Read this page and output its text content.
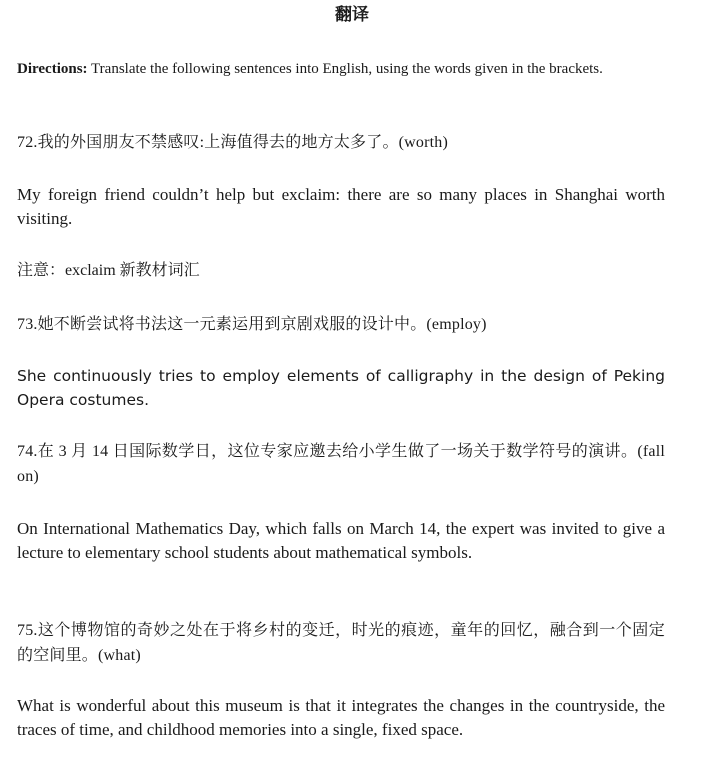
翻译
Directions: Translate the following sentences into English, using the words given in the brackets.
72.我的外国朋友不禁感叹:上海值得去的地方太多了。(worth)
My foreign friend couldn’t help but exclaim: there are so many places in Shanghai worth visiting.
注意：exclaim 新教材词汇
73.她不断尝试将书法这一元素运用到京剧戏服的设计中。(employ)
She continuously tries to employ elements of calligraphy in the design of Peking Opera costumes.
74.在 3 月 14 日国际数学日，这位专家应邀去给小学生做了一场关于数学符号的演讲。(fall on)
On International Mathematics Day, which falls on March 14, the expert was invited to give a lecture to elementary school students about mathematical symbols.
75.这个博物馆的奇妙之处在于将乡村的变迁，时光的痕迹，童年的回忆，融合到一个固定的空间里。(what)
What is wonderful about this museum is that it integrates the changes in the countryside, the traces of time, and childhood memories into a single, fixed space.
